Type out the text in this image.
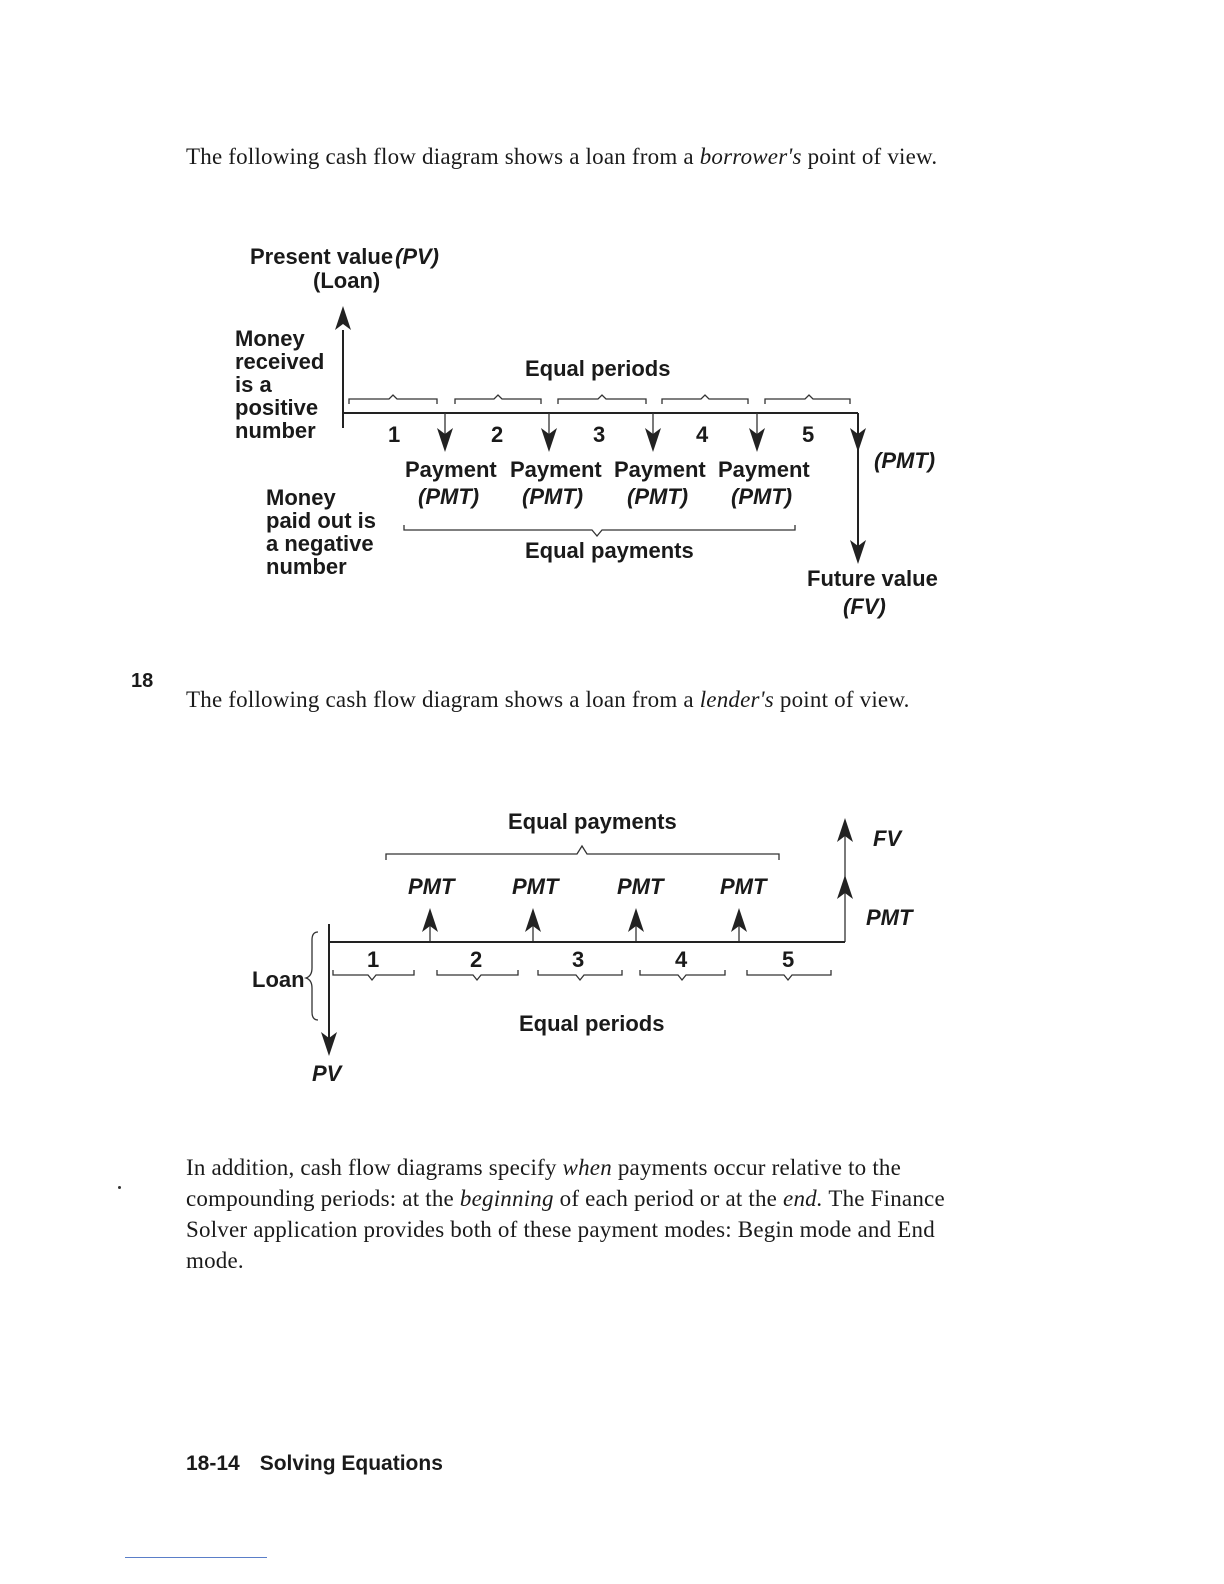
The following cash flow diagram shows a loan from a borrower's point of view.

Present value (PV)
(Loan)
Money
received
is a
positive
number
Equal periods
1	2	3	4	5
(PMT)
Payment Payment Payment Payment
(PMT) (PMT) (PMT) (PMT)
Money
paid out is
a negative
number
Equal payments
Future value
(FV)
18

The following cash flow diagram shows a loan from a lender's point of view.

Equal payments
PMT	PMT	PMT	PMT
FV
PMT
1	2	3	4	5
Loan
PV
Equal periods

In addition, cash flow diagrams specify when payments occur relative to the compounding periods: at the beginning of each period or at the end. The Finance Solver application provides both of these payment modes: Begin mode and End mode.

18-14 Solving Equations
